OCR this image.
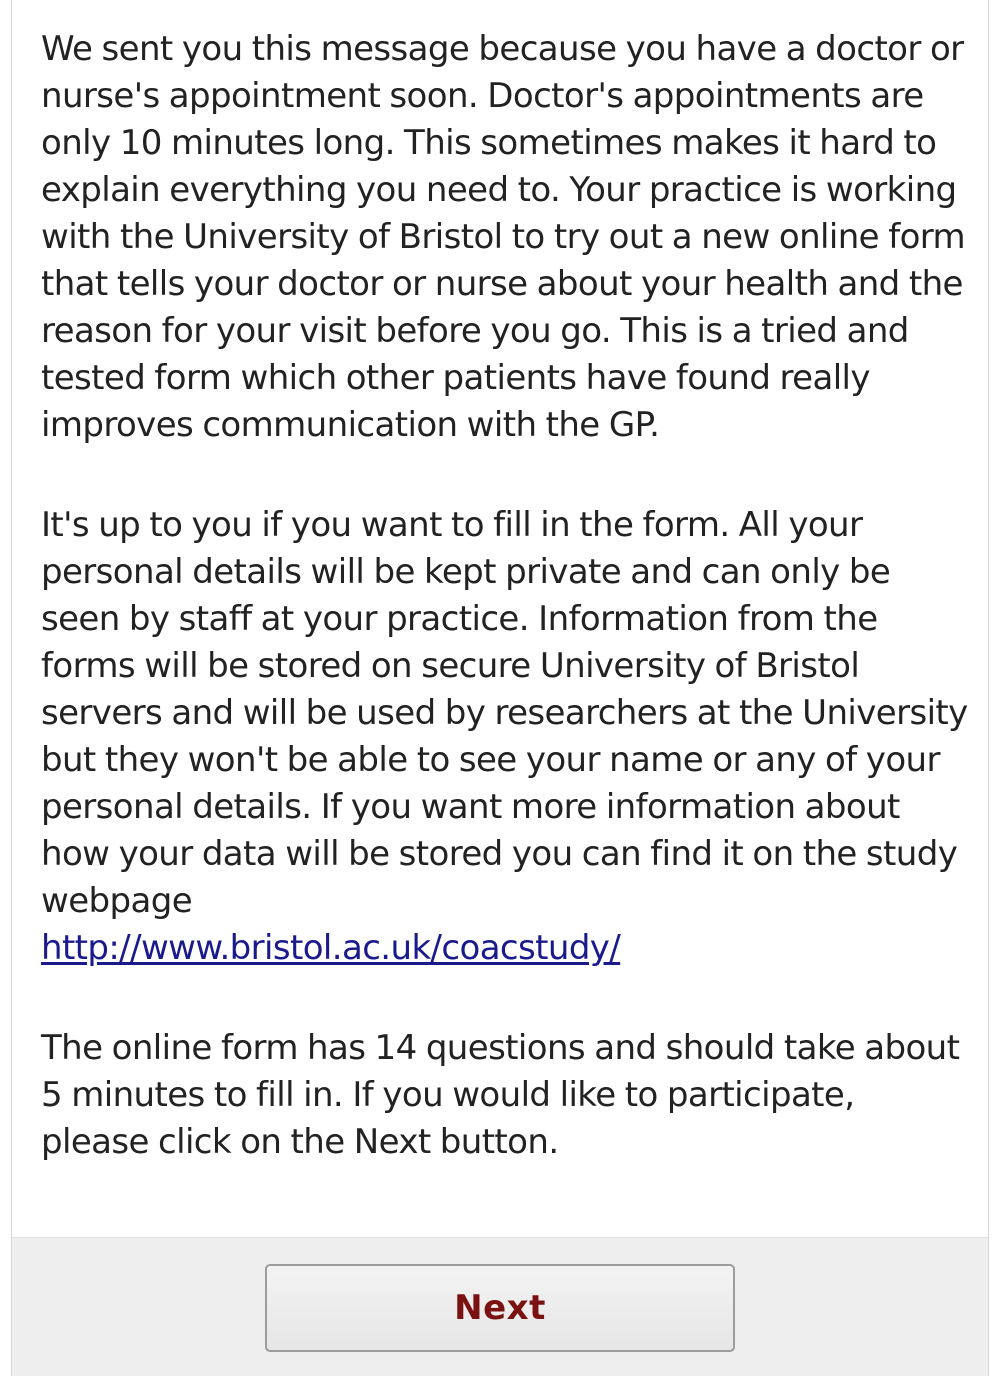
We sent you this message because you have a doctor or nurse's appointment soon. Doctor's appointments are only 10 minutes long. This sometimes makes it hard to explain everything you need to. Your practice is working with the University of Bristol to try out a new online form that tells your doctor or nurse about your health and the reason for your visit before you go. This is a tried and tested form which other patients have found really improves communication with the GP.

It's up to you if you want to fill in the form. All your personal details will be kept private and can only be seen by staff at your practice. Information from the forms will be stored on secure University of Bristol servers and will be used by researchers at the University but they won't be able to see your name or any of your personal details. If you want more information about how your data will be stored you can find it on the study webpage
http://www.bristol.ac.uk/coacstudy/

The online form has 14 questions and should take about 5 minutes to fill in. If you would like to participate, please click on the Next button.

Next
